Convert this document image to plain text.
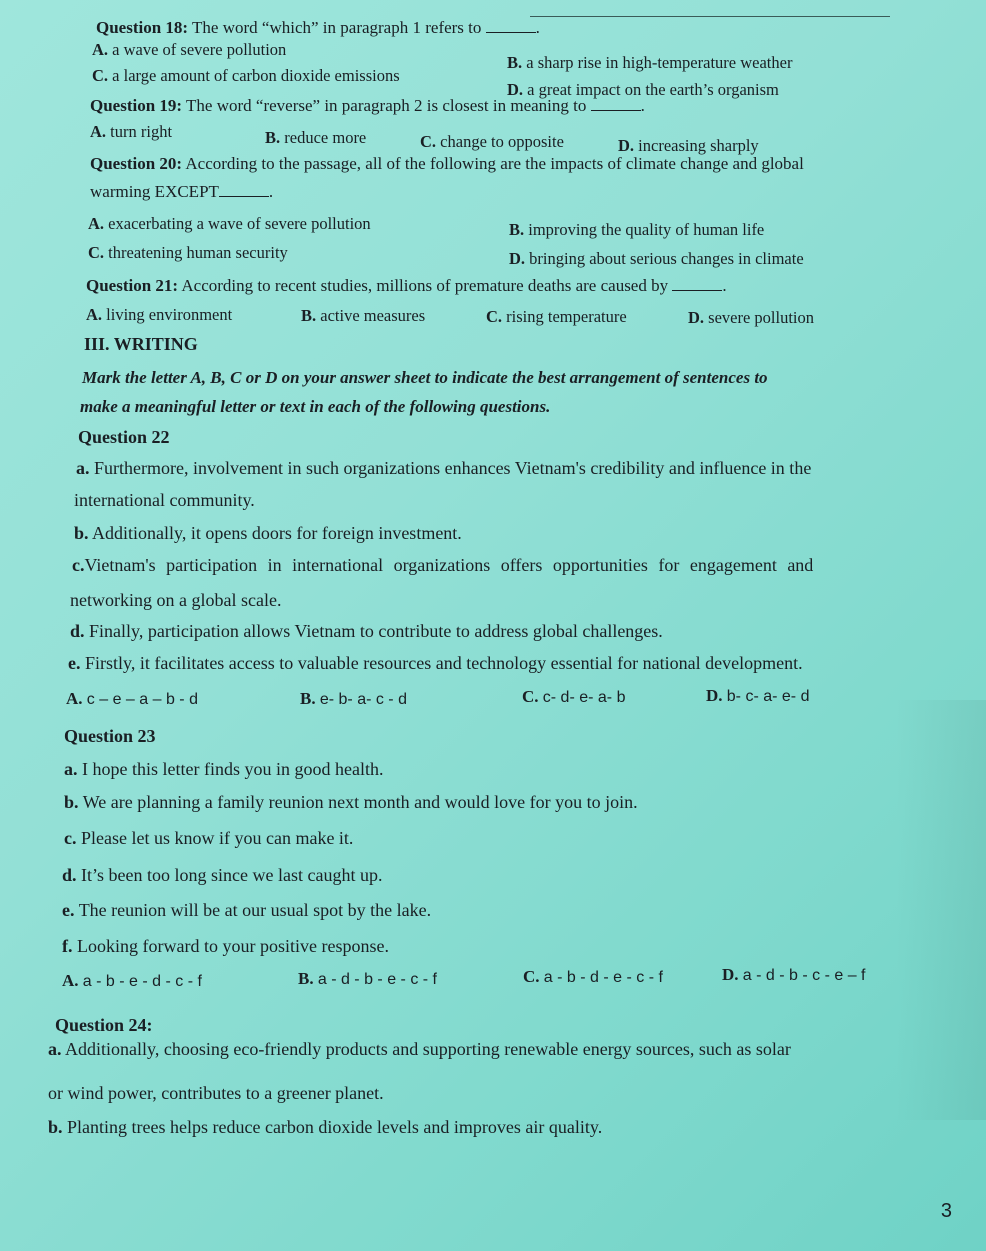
Question 18: The word “which” in paragraph 1 refers to	.
A. a wave of severe pollution
B. a sharp rise in high-temperature weather
C. a large amount of carbon dioxide emissions
D. a great impact on the earth’s organism
Question 19: The word “reverse” in paragraph 2 is closest in meaning to	.
A. turn right	B. reduce more	C. change to opposite	D. increasing sharply
Question 20: According to the passage, all of the following are the impacts of climate change and global
warming EXCEPT	.
A. exacerbating a wave of severe pollution	B. improving the quality of human life
C. threatening human security	D. bringing about serious changes in climate
Question 21: According to recent studies, millions of premature deaths are caused by	.
A. living environment	B. active measures	C. rising temperature	D. severe pollution
III. WRITING
Mark the letter A, B, C or D on your answer sheet to indicate the best arrangement of sentences to
make a meaningful letter or text in each of the following questions.
Question 22
a. Furthermore, involvement in such organizations enhances Vietnam's credibility and influence in the
international community.
b. Additionally, it opens doors for foreign investment.
c.Vietnam's participation in international organizations offers opportunities for engagement and
networking on a global scale.
d. Finally, participation allows Vietnam to contribute to address global challenges.
e. Firstly, it facilitates access to valuable resources and technology essential for national development.
A. c – e – a – b - d	B. e- b- a- c - d	C. c- d- e- a- b	D. b- c- a- e- d
Question 23
a. I hope this letter finds you in good health.
b. We are planning a family reunion next month and would love for you to join.
c. Please let us know if you can make it.
d. It’s been too long since we last caught up.
e. The reunion will be at our usual spot by the lake.
f. Looking forward to your positive response.
A. a - b - e - d - c - f	B. a - d - b - e - c - f	C. a - b - d - e - c - f	D. a - d - b - c - e – f
Question 24:
a. Additionally, choosing eco-friendly products and supporting renewable energy sources, such as solar
or wind power, contributes to a greener planet.
b. Planting trees helps reduce carbon dioxide levels and improves air quality.
3
